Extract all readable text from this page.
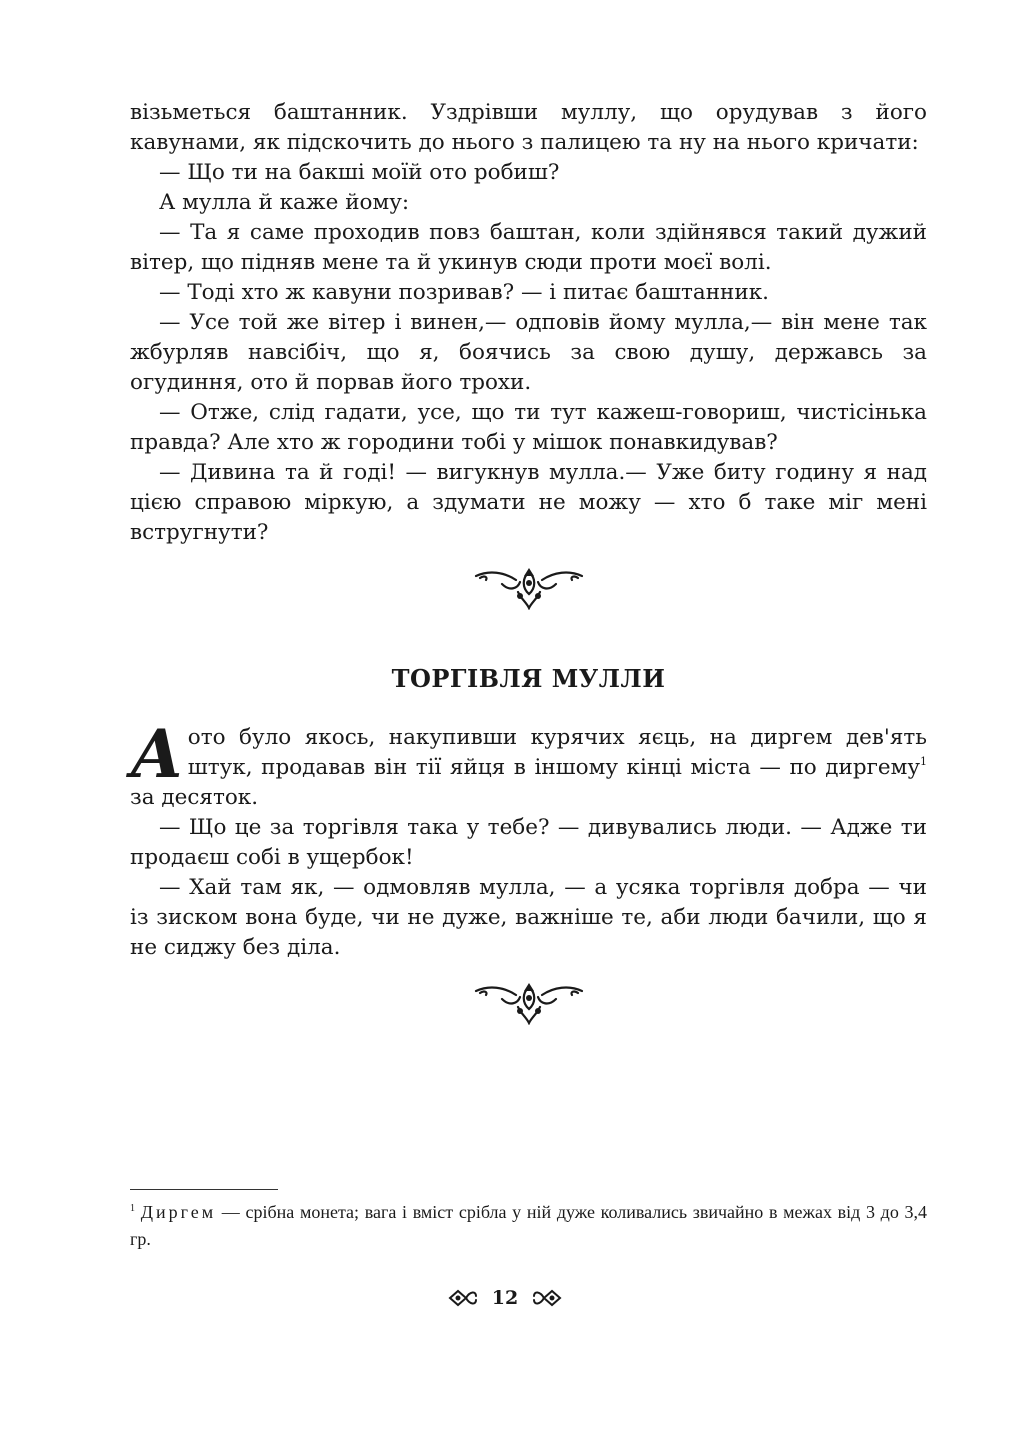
візьметься баштанник. Уздрівши муллу, що орудував з його кавунами, як підскочить до нього з палицею та ну на нього кричати:

— Що ти на бакші моїй ото робиш?

А мулла й каже йому:

— Та я саме проходив повз баштан, коли здійнявся такий дужий вітер, що підняв мене та й укинув сюди проти моєї волі.

— Тоді хто ж кавуни позривав? — і питає баштанник.

— Усе той же вітер і винен,— одповів йому мулла,— він мене так жбурляв навсібіч, що я, боячись за свою душу, державсь за огудиння, ото й порвав його трохи.

— Отже, слід гадати, усе, що ти тут кажеш-говориш, чистісінька правда? Але хто ж городини тобі у мішок понавкидував?

— Дивина та й годі! — вигукнув мулла.— Уже биту годину я над цією справою міркую, а здумати не можу — хто б таке міг мені встругнути?

ТОРГІВЛЯ МУЛЛИ

Аото було якось, накупивши курячих яєць, на диргем дев'ять штук, продавав він тії яйця в іншому кінці міста — по диргему$^1$ за десяток.

— Що це за торгівля така у тебе? — дивувались люди. — Адже ти продаєш собі в ущербок!

— Хай там як, — одмовляв мулла, — а усяка торгівля добра — чи із зиском вона буде, чи не дуже, важніше те, аби люди бачили, що я не сиджу без діла.

$^1$ Диргем — срібна монета; вага і вміст срібла у ній дуже коливались звичайно в межах від 3 до 3,4 гр.

12
